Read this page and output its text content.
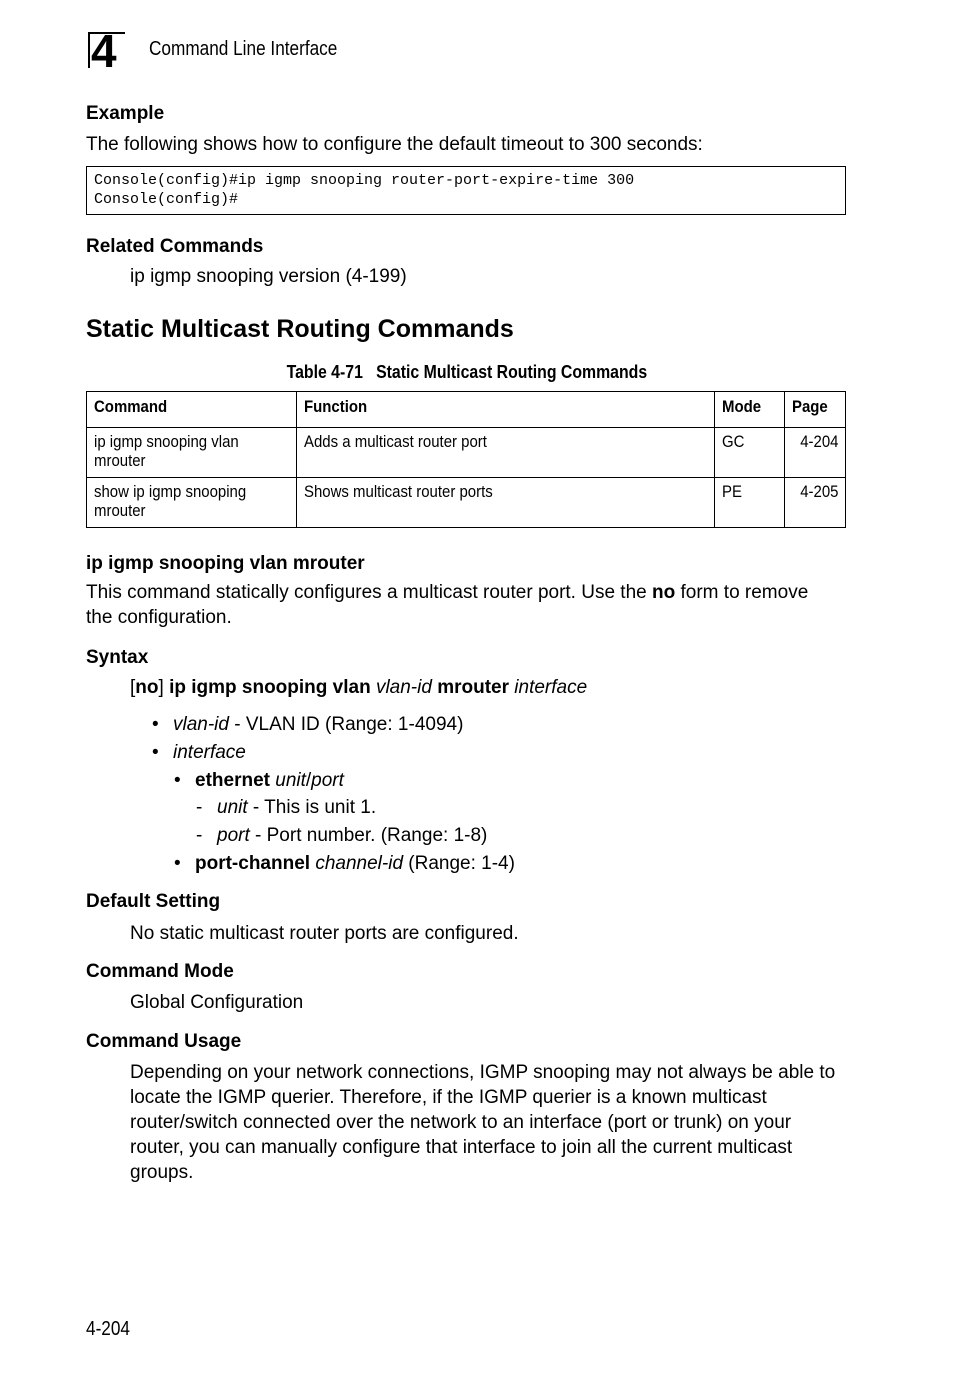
4 Command Line Interface
Example
The following shows how to configure the default timeout to 300 seconds:
Console(config)#ip igmp snooping router-port-expire-time 300
Console(config)#
Related Commands
ip igmp snooping version (4-199)
Static Multicast Routing Commands
Table 4-71   Static Multicast Routing Commands
Command	Function	Mode	Page
ip igmp snooping vlan mrouter	Adds a multicast router port	GC	4-204
show ip igmp snooping mrouter	Shows multicast router ports	PE	4-205
ip igmp snooping vlan mrouter
This command statically configures a multicast router port. Use the no form to remove the configuration.
Syntax
[no] ip igmp snooping vlan vlan-id mrouter interface
• vlan-id - VLAN ID (Range: 1-4094)
• interface
• ethernet unit/port
- unit - This is unit 1.
- port - Port number. (Range: 1-8)
• port-channel channel-id (Range: 1-4)
Default Setting
No static multicast router ports are configured.
Command Mode
Global Configuration
Command Usage
Depending on your network connections, IGMP snooping may not always be able to locate the IGMP querier. Therefore, if the IGMP querier is a known multicast router/switch connected over the network to an interface (port or trunk) on your router, you can manually configure that interface to join all the current multicast groups.
4-204
